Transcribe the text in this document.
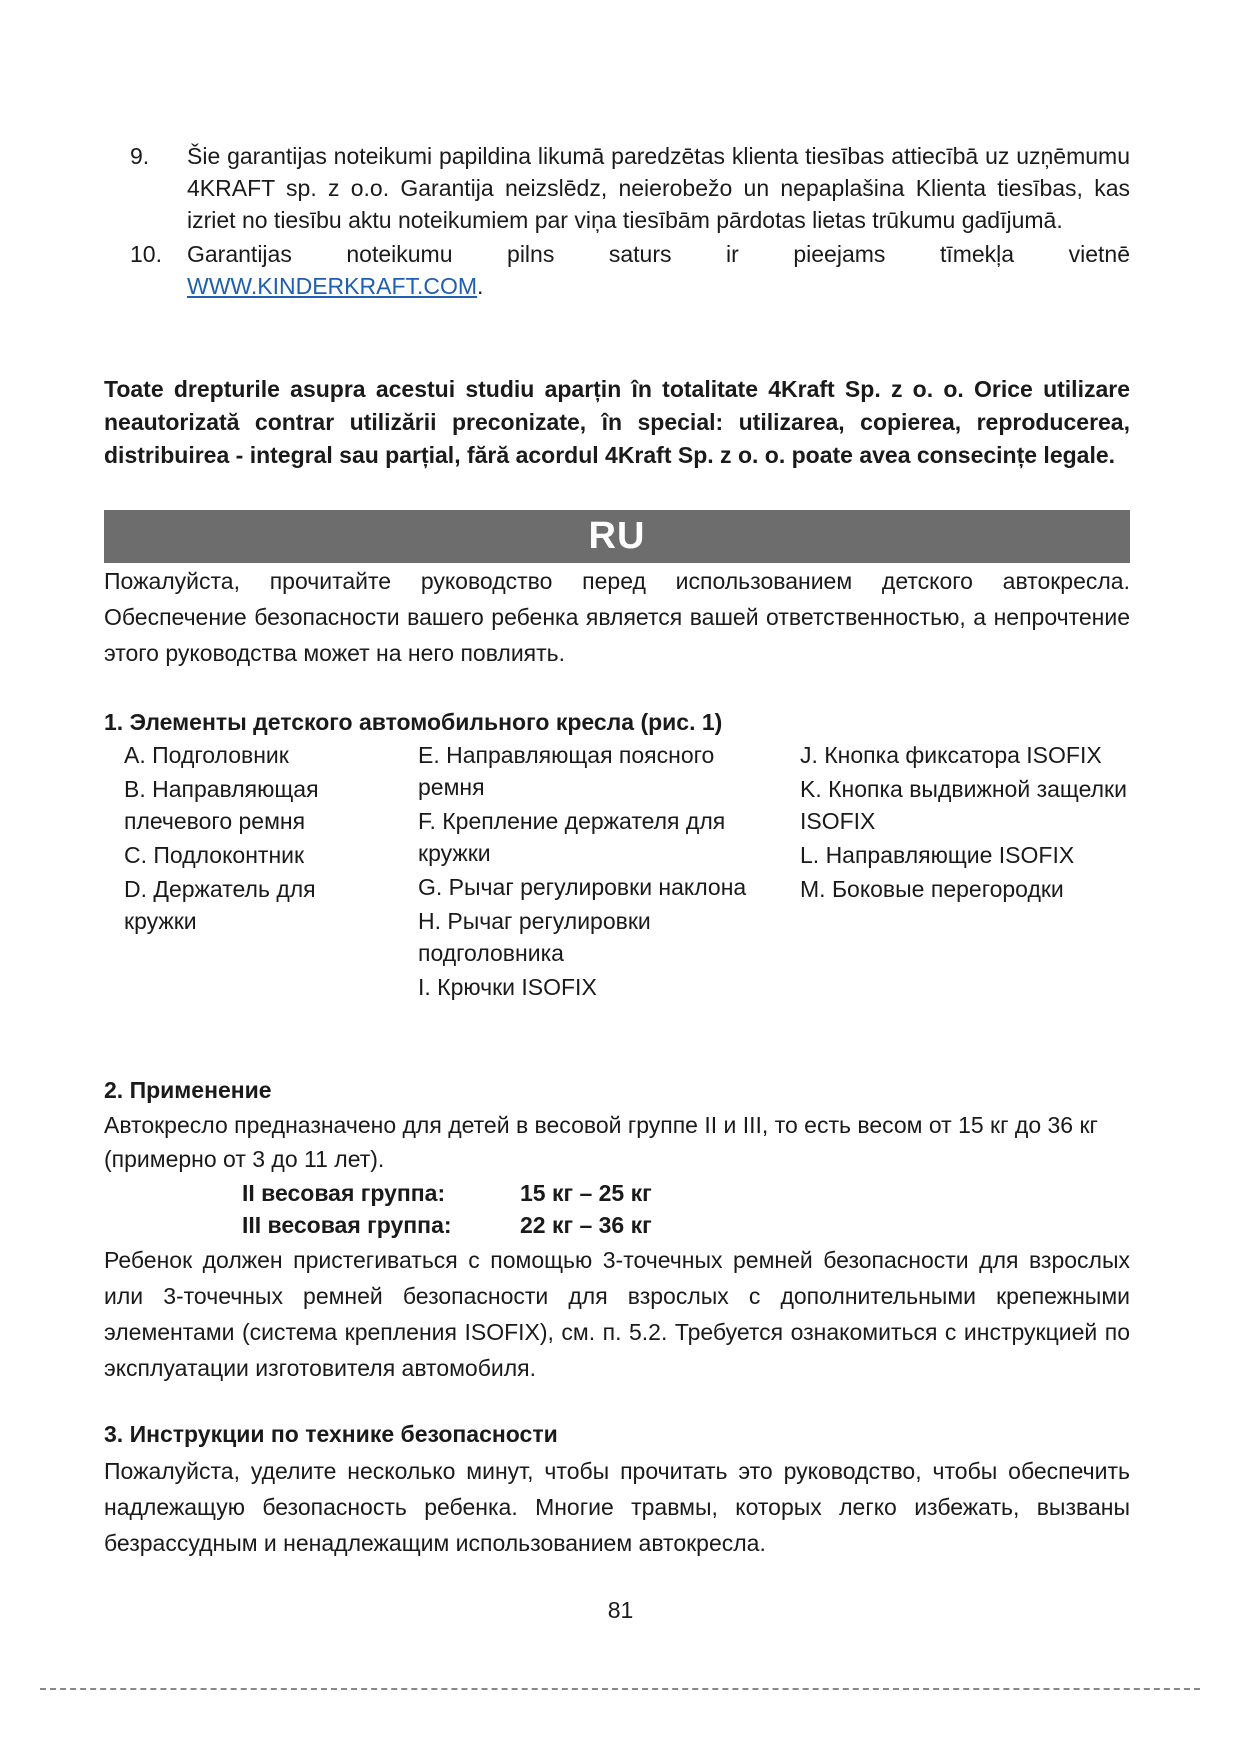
9. Šie garantijas noteikumi papildina likumā paredzētas klienta tiesības attiecībā uz uzņēmumu 4KRAFT sp. z o.o. Garantija neizslēdz, neierobežo un nepaplašina Klienta tiesības, kas izriet no tiesību aktu noteikumiem par viņa tiesībām pārdotas lietas trūkumu gadījumā.
10. Garantijas noteikumu pilns saturs ir pieejams tīmekļa vietnē
WWW.KINDERKRAFT.COM.
Toate drepturile asupra acestui studiu aparțin în totalitate 4Kraft Sp. z o. o. Orice utilizare neautorizată contrar utilizării preconizate, în special: utilizarea, copierea, reproducerea, distribuirea - integral sau parțial, fără acordul 4Kraft Sp. z o. o. poate avea consecințe legale.
RU
Пожалуйста, прочитайте руководство перед использованием детского автокресла. Обеспечение безопасности вашего ребенка является вашей ответственностью, а непрочтение этого руководства может на него повлиять.
1. Элементы детского автомобильного кресла (рис. 1)
A. Подголовник
B. Направляющая плечевого ремня
C. Подлоконтник
D. Держатель для кружки
E. Направляющая поясного ремня
F. Крепление держателя для кружки
G. Рычаг регулировки наклона
H. Рычаг регулировки подголовника
I. Крючки ISOFIX
J. Кнопка фиксатора ISOFIX
K. Кнопка выдвижной защелки ISOFIX
L. Направляющие ISOFIX
M. Боковые перегородки
2. Применение
Автокресло предназначено для детей в весовой группе II и III, то есть весом от 15 кг до 36 кг (примерно от 3 до 11 лет).
II весовая группа:	15 кг – 25 кг
III весовая группа:	22 кг – 36 кг
Ребенок должен пристегиваться с помощью 3-точечных ремней безопасности для взрослых или 3-точечных ремней безопасности для взрослых с дополнительными крепежными элементами (система крепления ISOFIX), см. п. 5.2. Требуется ознакомиться с инструкцией по эксплуатации изготовителя автомобиля.
3. Инструкции по технике безопасности
Пожалуйста, уделите несколько минут, чтобы прочитать это руководство, чтобы обеспечить надлежащую безопасность ребенка. Многие травмы, которых легко избежать, вызваны безрассудным и ненадлежащим использованием автокресла.
81
